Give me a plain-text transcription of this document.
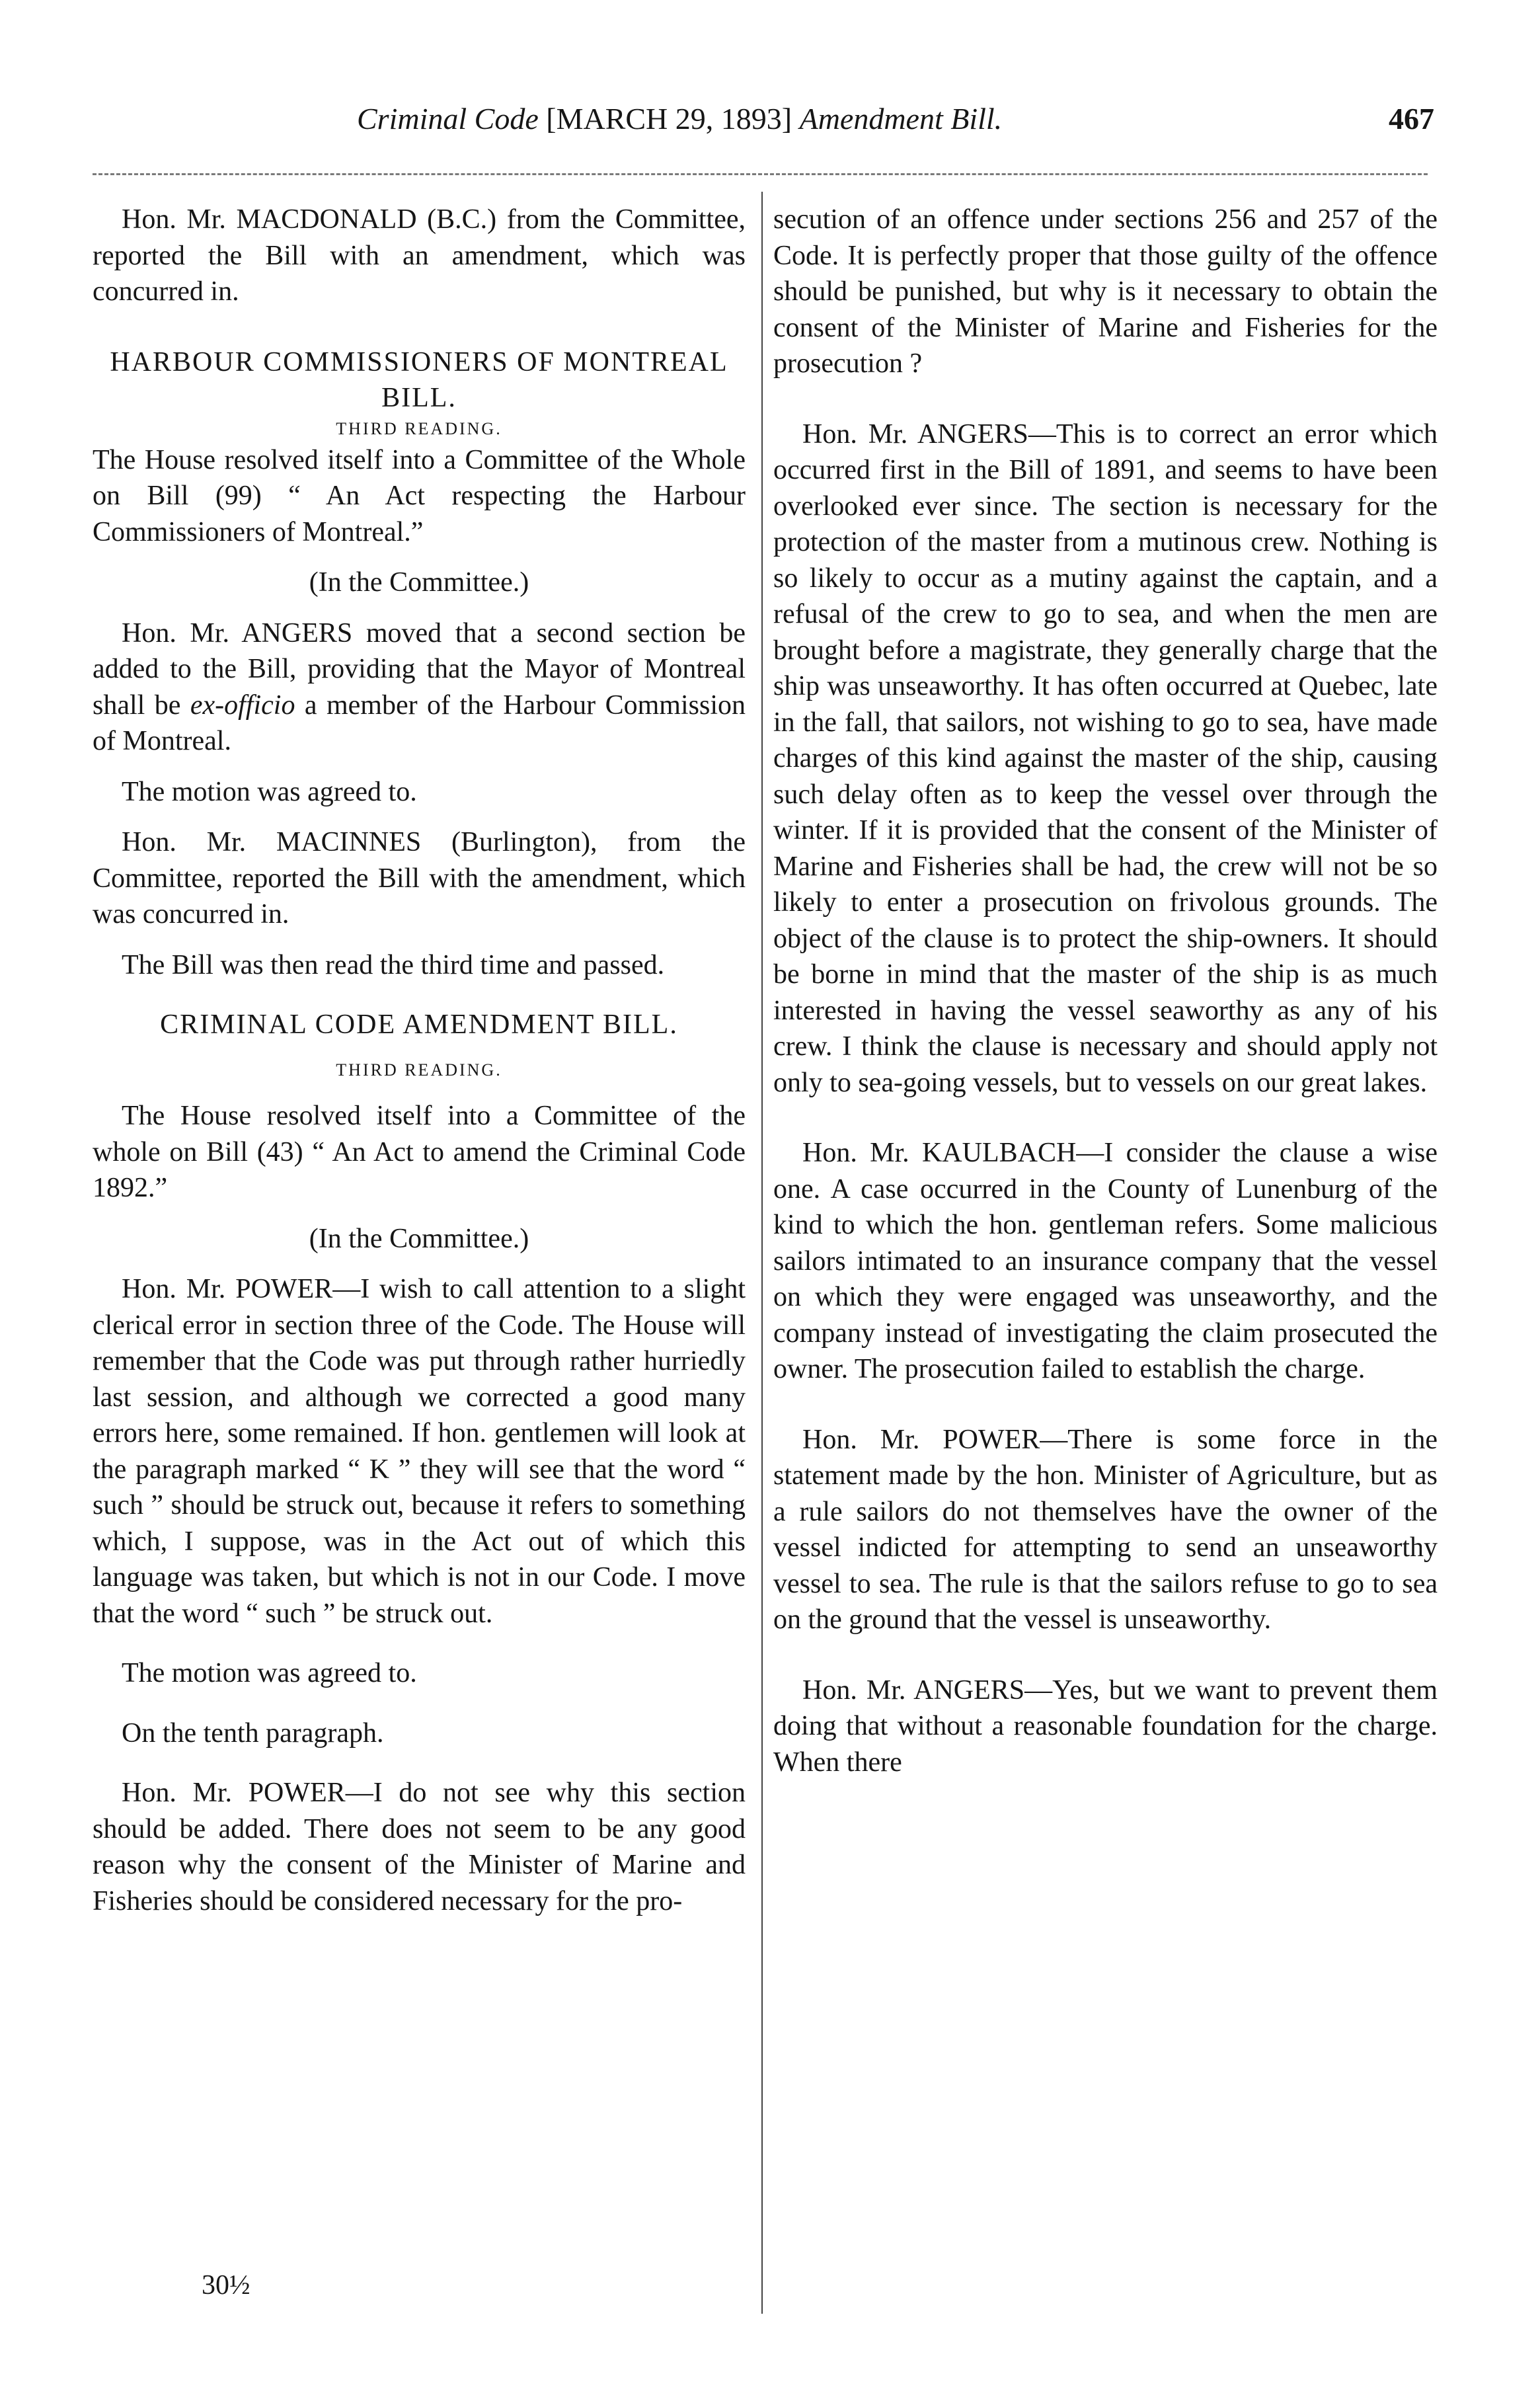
Criminal Code [MARCH 29, 1893] Amendment Bill.	467

Hon. Mr. MACDONALD (B.C.) from the Committee, reported the Bill with an amendment, which was concurred in.

HARBOUR COMMISSIONERS OF MONTREAL BILL.

THIRD READING.

The House resolved itself into a Committee of the Whole on Bill (99) “ An Act respecting the Harbour Commissioners of Montreal.”

(In the Committee.)

Hon. Mr. ANGERS moved that a second section be added to the Bill, providing that the Mayor of Montreal shall be ex-officio a member of the Harbour Commission of Montreal.

The motion was agreed to.

Hon. Mr. MACINNES (Burlington), from the Committee, reported the Bill with the amendment, which was concurred in.

The Bill was then read the third time and passed.

CRIMINAL CODE AMENDMENT BILL.

THIRD READING.

The House resolved itself into a Committee of the whole on Bill (43) “ An Act to amend the Criminal Code 1892.”

(In the Committee.)

Hon. Mr. POWER—I wish to call attention to a slight clerical error in section three of the Code. The House will remember that the Code was put through rather hurriedly last session, and although we corrected a good many errors here, some remained. If hon. gentlemen will look at the paragraph marked “ K ” they will see that the word “ such ” should be struck out, because it refers to something which, I suppose, was in the Act out of which this language was taken, but which is not in our Code. I move that the word “ such ” be struck out.

The motion was agreed to.

On the tenth paragraph.

Hon. Mr. POWER—I do not see why this section should be added. There does not seem to be any good reason why the consent of the Minister of Marine and Fisheries should be considered necessary for the pro-

30½

secution of an offence under sections 256 and 257 of the Code. It is perfectly proper that those guilty of the offence should be punished, but why is it necessary to obtain the consent of the Minister of Marine and Fisheries for the prosecution ?

Hon. Mr. ANGERS—This is to correct an error which occurred first in the Bill of 1891, and seems to have been overlooked ever since. The section is necessary for the protection of the master from a mutinous crew. Nothing is so likely to occur as a mutiny against the captain, and a refusal of the crew to go to sea, and when the men are brought before a magistrate, they generally charge that the ship was unseaworthy. It has often occurred at Quebec, late in the fall, that sailors, not wishing to go to sea, have made charges of this kind against the master of the ship, causing such delay often as to keep the vessel over through the winter. If it is provided that the consent of the Minister of Marine and Fisheries shall be had, the crew will not be so likely to enter a prosecution on frivolous grounds. The object of the clause is to protect the ship-owners. It should be borne in mind that the master of the ship is as much interested in having the vessel seaworthy as any of his crew. I think the clause is necessary and should apply not only to sea-going vessels, but to vessels on our great lakes.

Hon. Mr. KAULBACH—I consider the clause a wise one. A case occurred in the County of Lunenburg of the kind to which the hon. gentleman refers. Some malicious sailors intimated to an insurance company that the vessel on which they were engaged was unseaworthy, and the company instead of investigating the claim prosecuted the owner. The prosecution failed to establish the charge.

Hon. Mr. POWER—There is some force in the statement made by the hon. Minister of Agriculture, but as a rule sailors do not themselves have the owner of the vessel indicted for attempting to send an unseaworthy vessel to sea. The rule is that the sailors refuse to go to sea on the ground that the vessel is unseaworthy.

Hon. Mr. ANGERS—Yes, but we want to prevent them doing that without a reasonable foundation for the charge. When there
